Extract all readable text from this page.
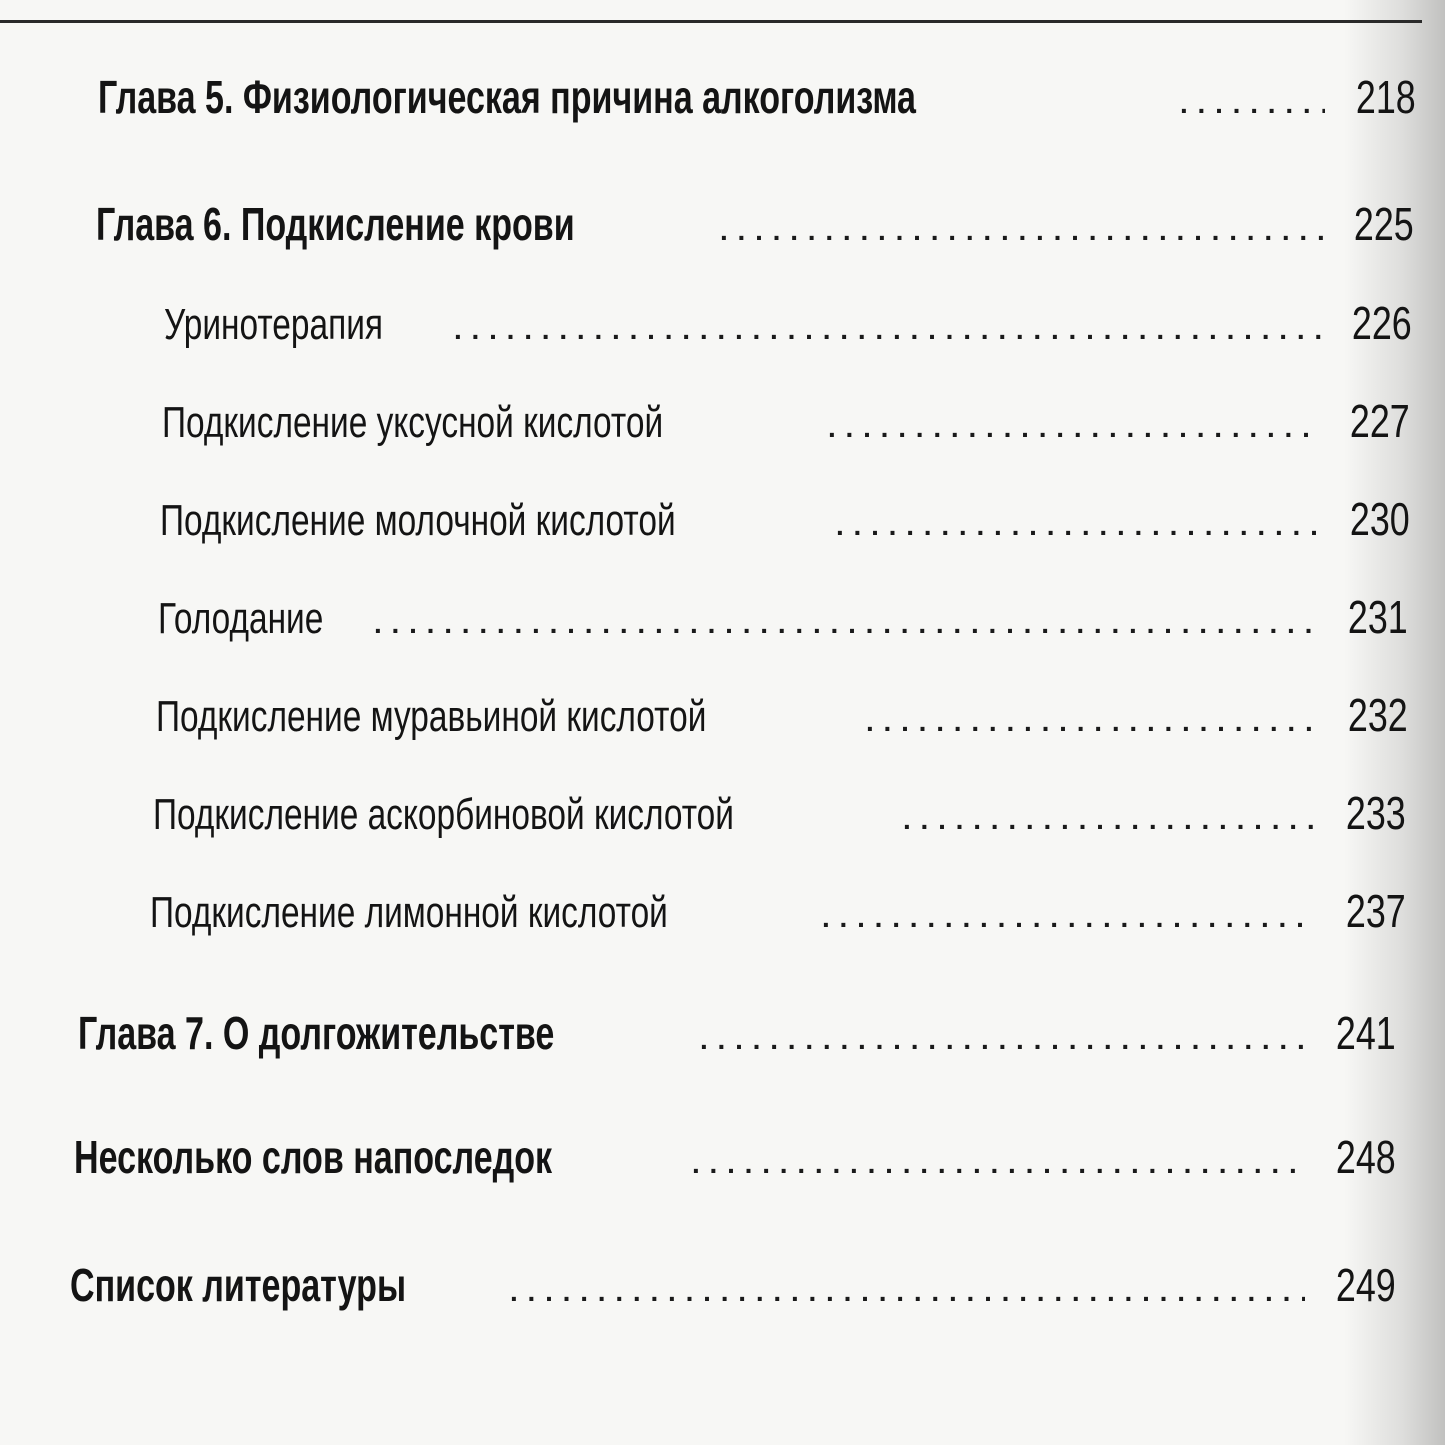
Глава 5. Физиологическая причина алкоголизма . . .	218
Глава 6. Подкисление крови . . .	225
Уринотерапия . . .	226
Подкисление уксусной кислотой . . .	227
Подкисление молочной кислотой . . .	230
Голодание . . .	231
Подкисление муравьиной кислотой . . .	232
Подкисление аскорбиновой кислотой . . .	233
Подкисление лимонной кислотой . . .	237
Глава 7. О долгожительстве . . .	241
Несколько слов напоследок . . .	248
Список литературы . . .	249
